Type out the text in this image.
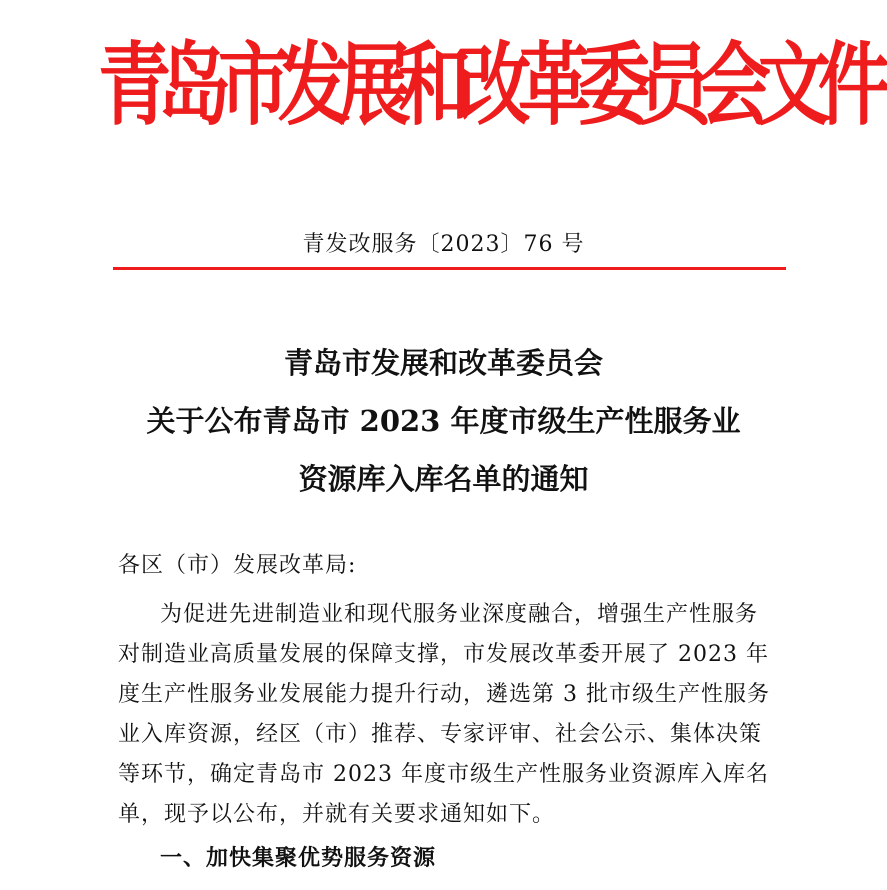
青岛市发展和改革委员会文件
青发改服务〔2023〕76 号
青岛市发展和改革委员会
关于公布青岛市 2023 年度市级生产性服务业
资源库入库名单的通知
各区（市）发展改革局:
为促进先进制造业和现代服务业深度融合，增强生产性服务
对制造业高质量发展的保障支撑，市发展改革委开展了 2023 年
度生产性服务业发展能力提升行动，遴选第 3 批市级生产性服务
业入库资源，经区（市）推荐、专家评审、社会公示、集体决策
等环节，确定青岛市 2023 年度市级生产性服务业资源库入库名
单，现予以公布，并就有关要求通知如下。
一、加快集聚优势服务资源
